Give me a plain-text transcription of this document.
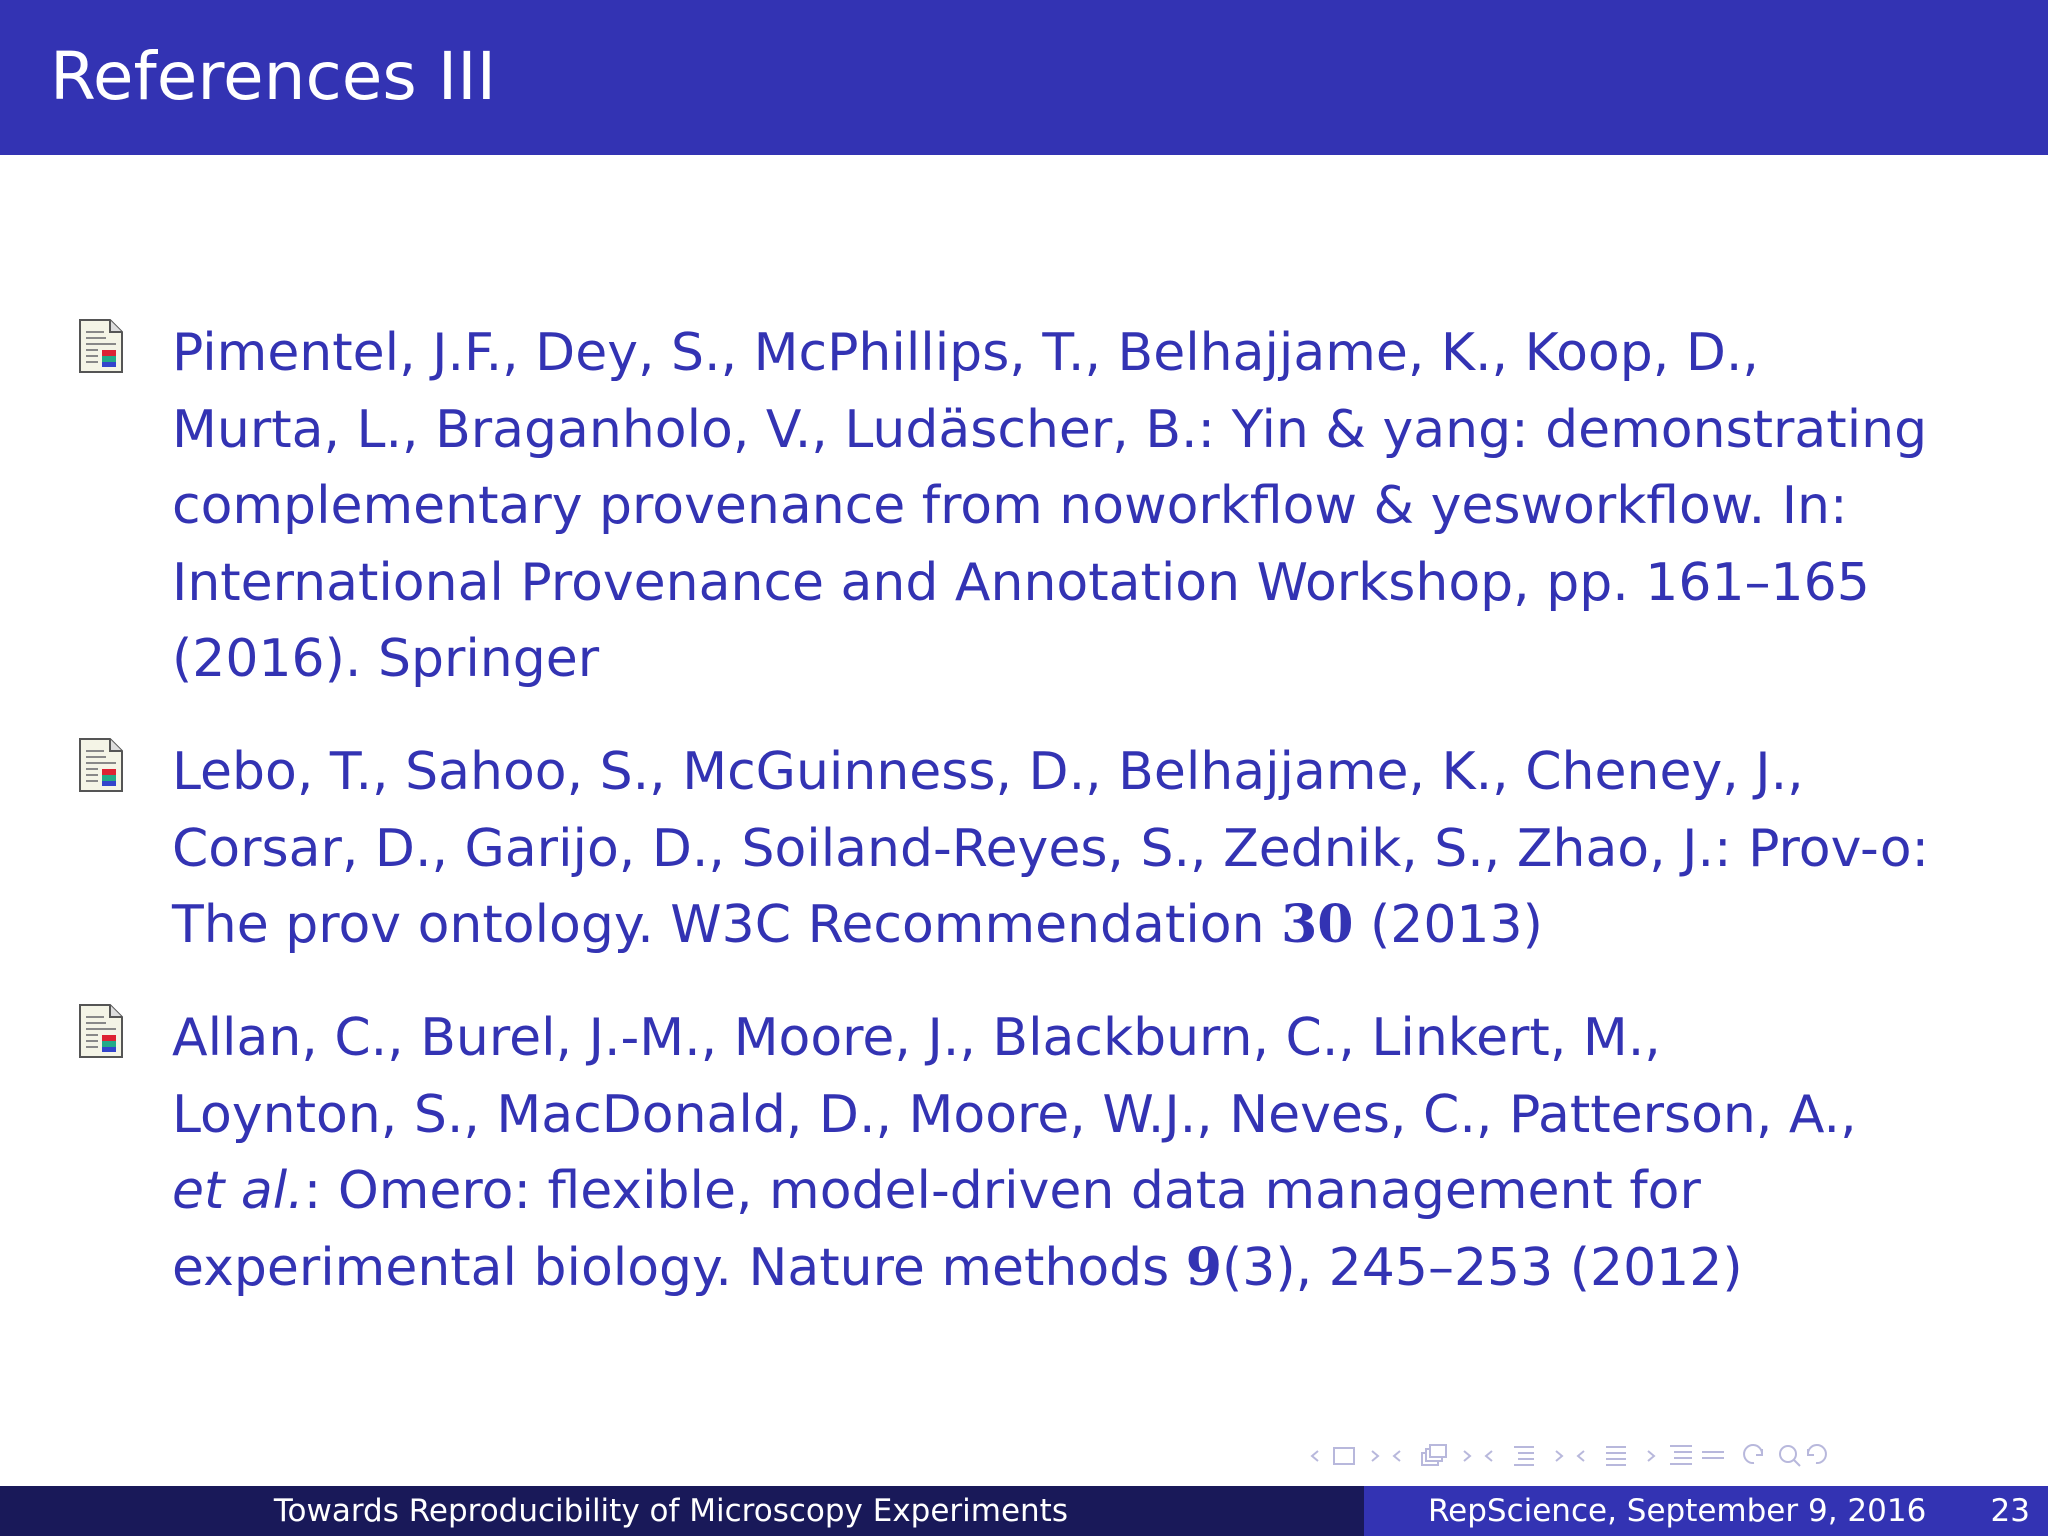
References III
Pimentel, J.F., Dey, S., McPhillips, T., Belhajjame, K., Koop, D.,
Murta, L., Braganholo, V., Ludäscher, B.: Yin & yang: demonstrating
complementary provenance from noworkflow & yesworkflow. In:
International Provenance and Annotation Workshop, pp. 161–165
(2016). Springer
Lebo, T., Sahoo, S., McGuinness, D., Belhajjame, K., Cheney, J.,
Corsar, D., Garijo, D., Soiland-Reyes, S., Zednik, S., Zhao, J.: Prov-o:
The prov ontology. W3C Recommendation 30 (2013)
Allan, C., Burel, J.-M., Moore, J., Blackburn, C., Linkert, M.,
Loynton, S., MacDonald, D., Moore, W.J., Neves, C., Patterson, A.,
et al.: Omero: flexible, model-driven data management for
experimental biology. Nature methods 9(3), 245–253 (2012)
Towards Reproducibility of Microscopy Experiments	RepScience, September 9, 2016 23
